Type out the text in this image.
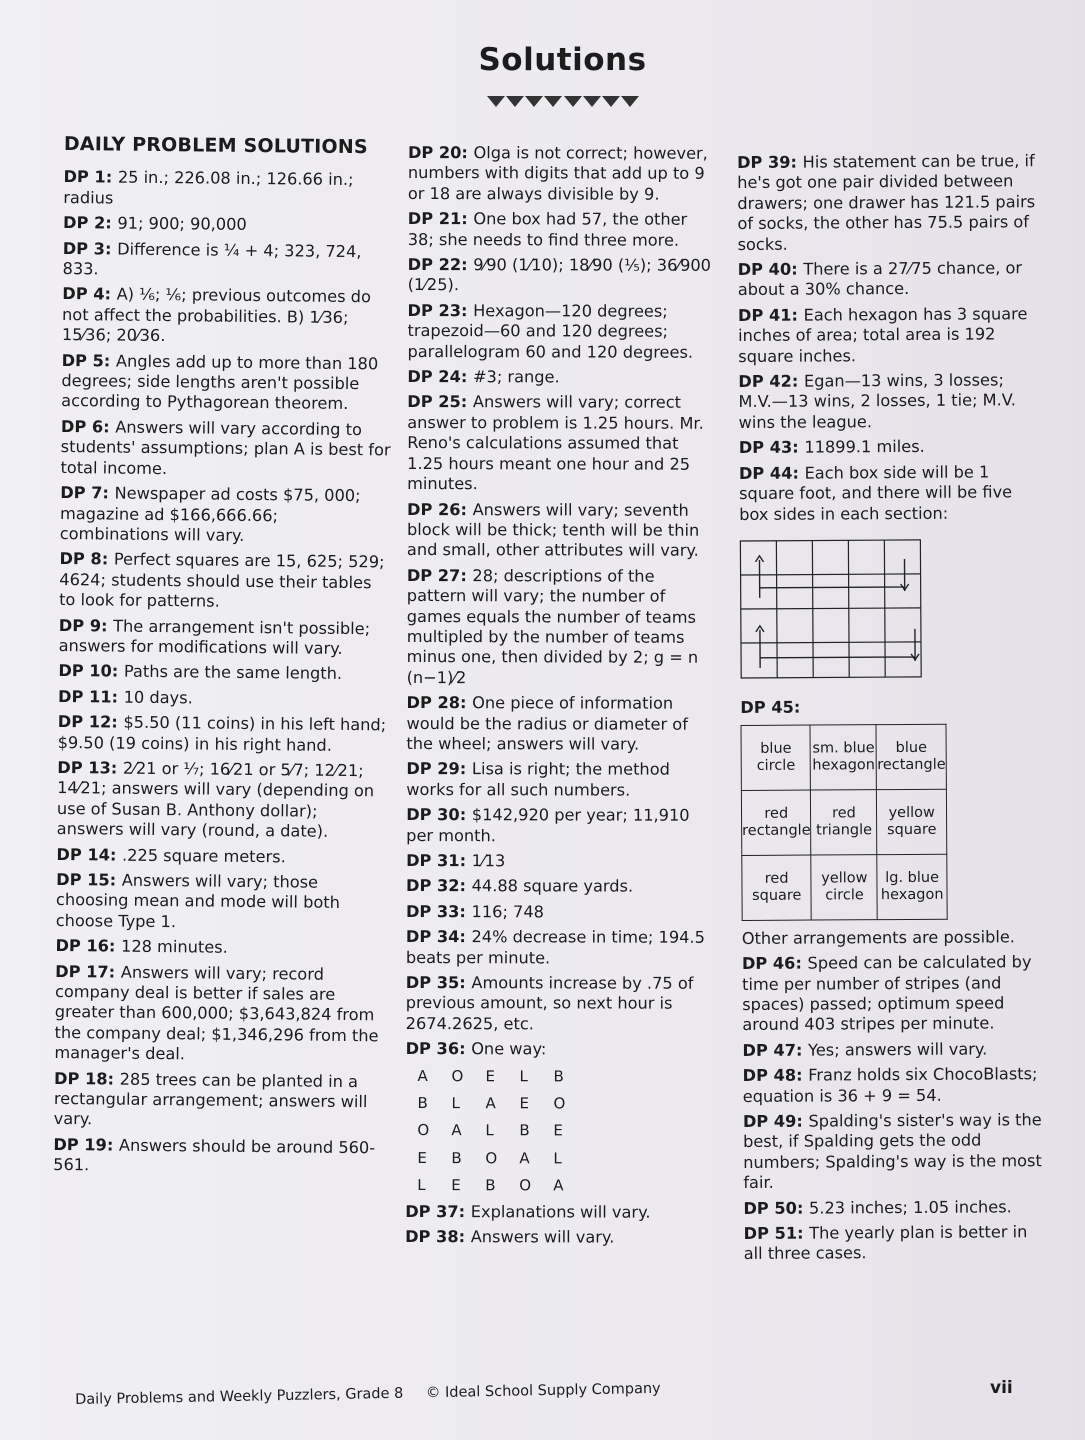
Solutions
DAILY PROBLEM SOLUTIONS
DP 1: 25 in.; 226.08 in.; 126.66 in.; radius
DP 2: 91; 900; 90,000
DP 3: Difference is ¼ + 4; 323, 724, 833.
DP 4: A) ⅙; ⅙; previous outcomes do not affect the probabilities. B) 1⁄36; 15⁄36; 20⁄36.
DP 5: Angles add up to more than 180 degrees; side lengths aren't possible according to Pythagorean theorem.
DP 6: Answers will vary according to students' assumptions; plan A is best for total income.
DP 7: Newspaper ad costs $75, 000; magazine ad $166,666.66; combinations will vary.
DP 8: Perfect squares are 15, 625; 529; 4624; students should use their tables to look for patterns.
DP 9: The arrangement isn't possible; answers for modifications will vary.
DP 10: Paths are the same length.
DP 11: 10 days.
DP 12: $5.50 (11 coins) in his left hand; $9.50 (19 coins) in his right hand.
DP 13: 2⁄21 or ⅐; 16⁄21 or 5⁄7; 12⁄21; 14⁄21; answers will vary (depending on use of Susan B. Anthony dollar); answers will vary (round, a date).
DP 14: .225 square meters.
DP 15: Answers will vary; those choosing mean and mode will both choose Type 1.
DP 16: 128 minutes.
DP 17: Answers will vary; record company deal is better if sales are greater than 600,000; $3,643,824 from the company deal; $1,346,296 from the manager's deal.
DP 18: 285 trees can be planted in a rectangular arrangement; answers will vary.
DP 19: Answers should be around 560-561.
DP 20: Olga is not correct; however, numbers with digits that add up to 9 or 18 are always divisible by 9.
DP 21: One box had 57, the other 38; she needs to find three more.
DP 22: 9⁄90 (1⁄10); 18⁄90 (⅕); 36⁄900 (1⁄25).
DP 23: Hexagon—120 degrees; trapezoid—60 and 120 degrees; parallelogram 60 and 120 degrees.
DP 24: #3; range.
DP 25: Answers will vary; correct answer to problem is 1.25 hours. Mr. Reno's calculations assumed that 1.25 hours meant one hour and 25 minutes.
DP 26: Answers will vary; seventh block will be thick; tenth will be thin and small, other attributes will vary.
DP 27: 28; descriptions of the pattern will vary; the number of games equals the number of teams multipled by the number of teams minus one, then divided by 2; g = n (n−1)⁄2
DP 28: One piece of information would be the radius or diameter of the wheel; answers will vary.
DP 29: Lisa is right; the method works for all such numbers.
DP 30: $142,920 per year; 11,910 per month.
DP 31: 1⁄13
DP 32: 44.88 square yards.
DP 33: 116; 748
DP 34: 24% decrease in time; 194.5 beats per minute.
DP 35: Amounts increase by .75 of previous amount, so next hour is 2674.2625, etc.
DP 36: One way:
A	O	E	L	B
B	L	A	E	O
O	A	L	B	E
E	B	O	A	L
L	E	B	O	A
DP 37: Explanations will vary.
DP 38: Answers will vary.
DP 39: His statement can be true, if he's got one pair divided between drawers; one drawer has 121.5 pairs of socks, the other has 75.5 pairs of socks.
DP 40: There is a 27⁄75 chance, or about a 30% chance.
DP 41: Each hexagon has 3 square inches of area; total area is 192 square inches.
DP 42: Egan—13 wins, 3 losses; M.V.—13 wins, 2 losses, 1 tie; M.V. wins the league.
DP 43: 11899.1 miles.
DP 44: Each box side will be 1 square foot, and there will be five box sides in each section:
DP 45:
blue circle	sm. blue hexagon	blue rectangle
red rectangle	red triangle	yellow square
red square	yellow circle	lg. blue hexagon
Other arrangements are possible.
DP 46: Speed can be calculated by time per number of stripes (and spaces) passed; optimum speed around 403 stripes per minute.
DP 47: Yes; answers will vary.
DP 48: Franz holds six ChocoBlasts; equation is 36 + 9 = 54.
DP 49: Spalding's sister's way is the best, if Spalding gets the odd numbers; Spalding's way is the most fair.
DP 50: 5.23 inches; 1.05 inches.
DP 51: The yearly plan is better in all three cases.
Daily Problems and Weekly Puzzlers, Grade 8 © Ideal School Supply Company	vii
